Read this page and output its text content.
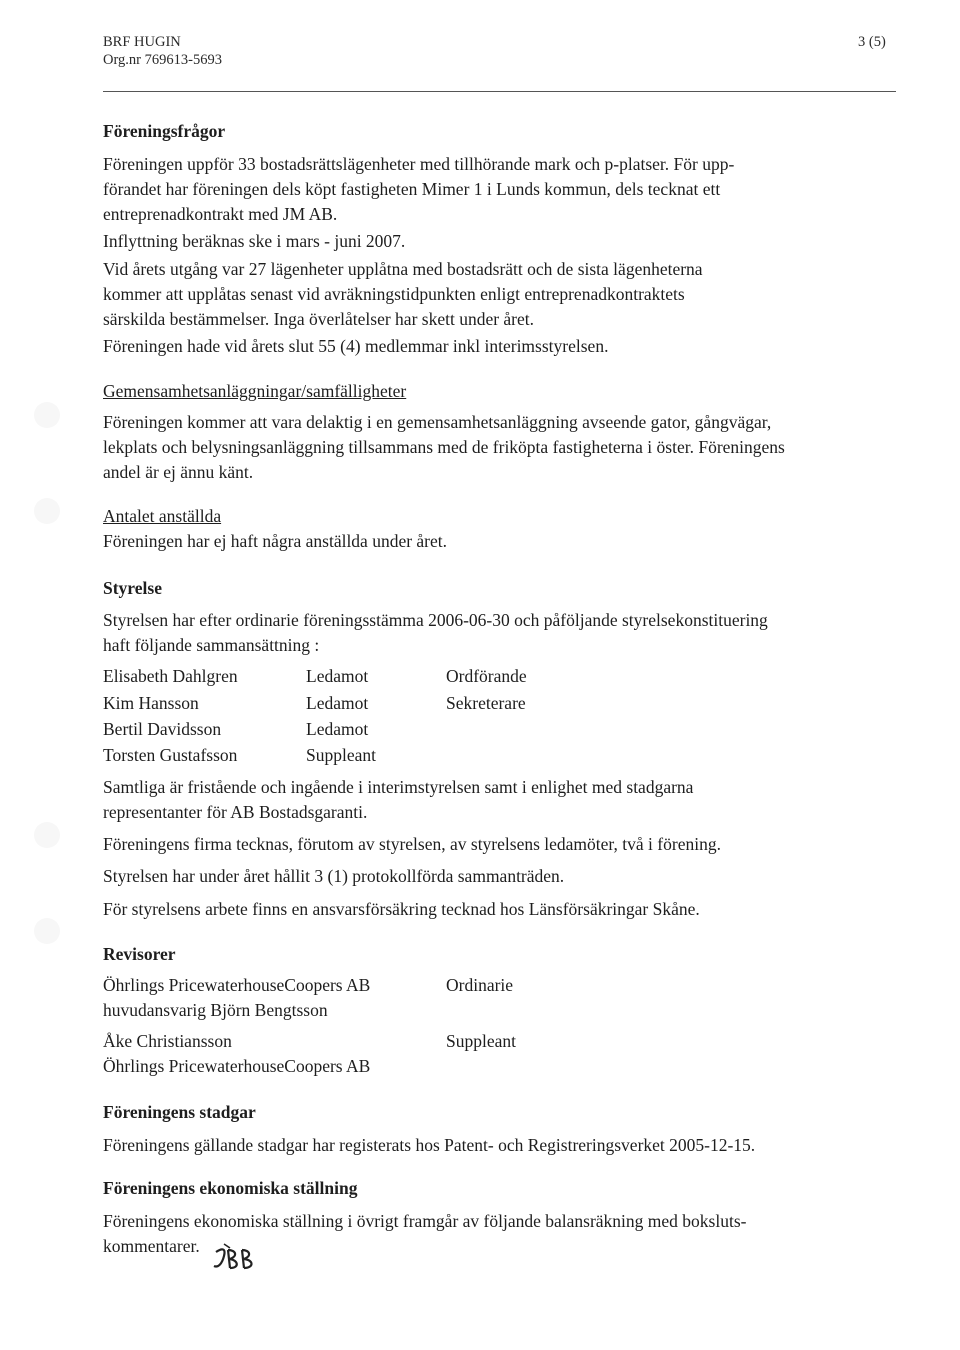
BRF HUGIN
Org.nr 769613-5693
3 (5)
Föreningsfrågor
Föreningen uppför 33 bostadsrättslägenheter med tillhörande mark och p-platser. För upp-
förandet har föreningen dels köpt fastigheten Mimer 1 i Lunds kommun, dels tecknat ett
entreprenadkontrakt med JM AB.
Inflyttning beräknas ske i mars - juni 2007.
Vid årets utgång var 27 lägenheter upplåtna med bostadsrätt och de sista lägenheterna
kommer att upplåtas senast vid avräkningstidpunkten enligt entreprenadkontraktets
särskilda bestämmelser. Inga överlåtelser har skett under året.
Föreningen hade vid årets slut 55 (4) medlemmar inkl interimsstyrelsen.
Gemensamhetsanläggningar/samfälligheter
Föreningen kommer att vara delaktig i en gemensamhetsanläggning avseende gator, gångvägar,
lekplats och belysningsanläggning tillsammans med de friköpta fastigheterna i öster. Föreningens
andel är ej ännu känt.
Antalet anställda
Föreningen har ej haft några anställda under året.
Styrelse
Styrelsen har efter ordinarie föreningsstämma 2006-06-30 och påföljande styrelsekonstituering
haft följande sammansättning :
Elisabeth Dahlgren	Ledamot	Ordförande
Kim Hansson	Ledamot	Sekreterare
Bertil Davidsson	Ledamot
Torsten Gustafsson	Suppleant
Samtliga är fristående och ingående i interimstyrelsen samt i enlighet med stadgarna
representanter för AB Bostadsgaranti.
Föreningens firma tecknas, förutom av styrelsen, av styrelsens ledamöter, två i förening.
Styrelsen har under året hållit 3 (1) protokollförda sammanträden.
För styrelsens arbete finns en ansvarsförsäkring tecknad hos Länsförsäkringar Skåne.
Revisorer
Öhrlings PricewaterhouseCoopers AB	Ordinarie
huvudansvarig Björn Bengtsson
Åke Christiansson	Suppleant
Öhrlings PricewaterhouseCoopers AB
Föreningens stadgar
Föreningens gällande stadgar har registerats hos Patent- och Registreringsverket 2005-12-15.
Föreningens ekonomiska ställning
Föreningens ekonomiska ställning i övrigt framgår av följande balansräkning med boksluts-
kommentarer.
